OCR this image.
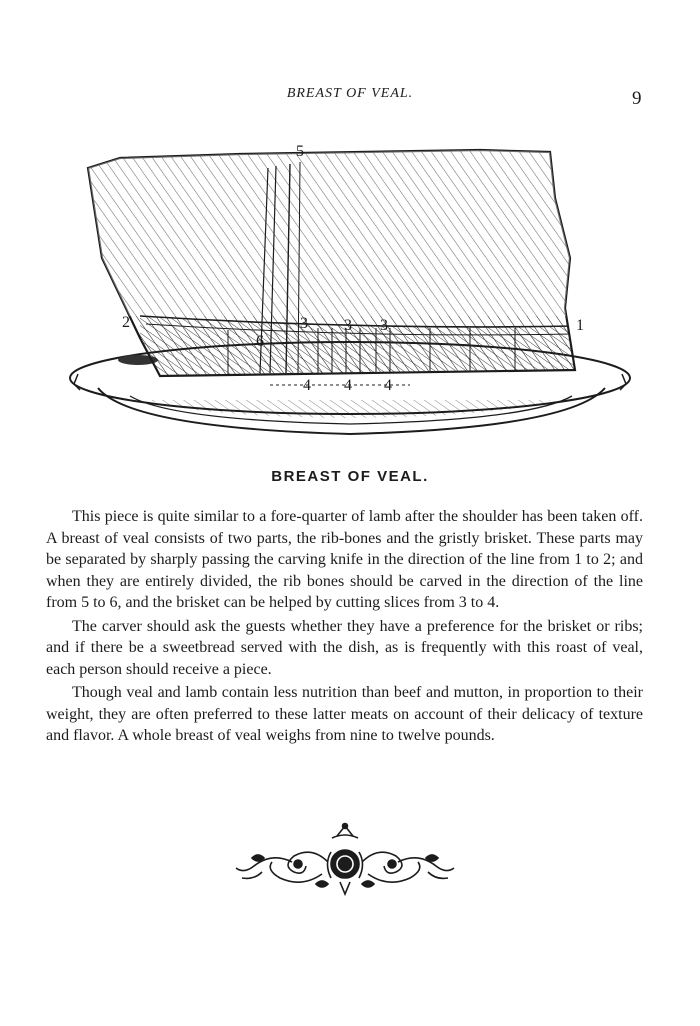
BREAST OF VEAL.	9
5
2	1
6
3 3 3
4 4 4
BREAST OF VEAL.

This piece is quite similar to a fore-quarter of lamb after the shoulder has been taken off. A breast of veal consists of two parts, the rib-bones and the gristly brisket. These parts may be separated by sharply passing the carving knife in the direction of the line from 1 to 2; and when they are entirely divided, the rib bones should be carved in the direction of the line from 5 to 6, and the brisket can be helped by cutting slices from 3 to 4.

The carver should ask the guests whether they have a preference for the brisket or ribs; and if there be a sweetbread served with the dish, as is frequently with this roast of veal, each person should receive a piece.

Though veal and lamb contain less nutrition than beef and mutton, in proportion to their weight, they are often preferred to these latter meats on account of their delicacy of texture and flavor. A whole breast of veal weighs from nine to twelve pounds.
